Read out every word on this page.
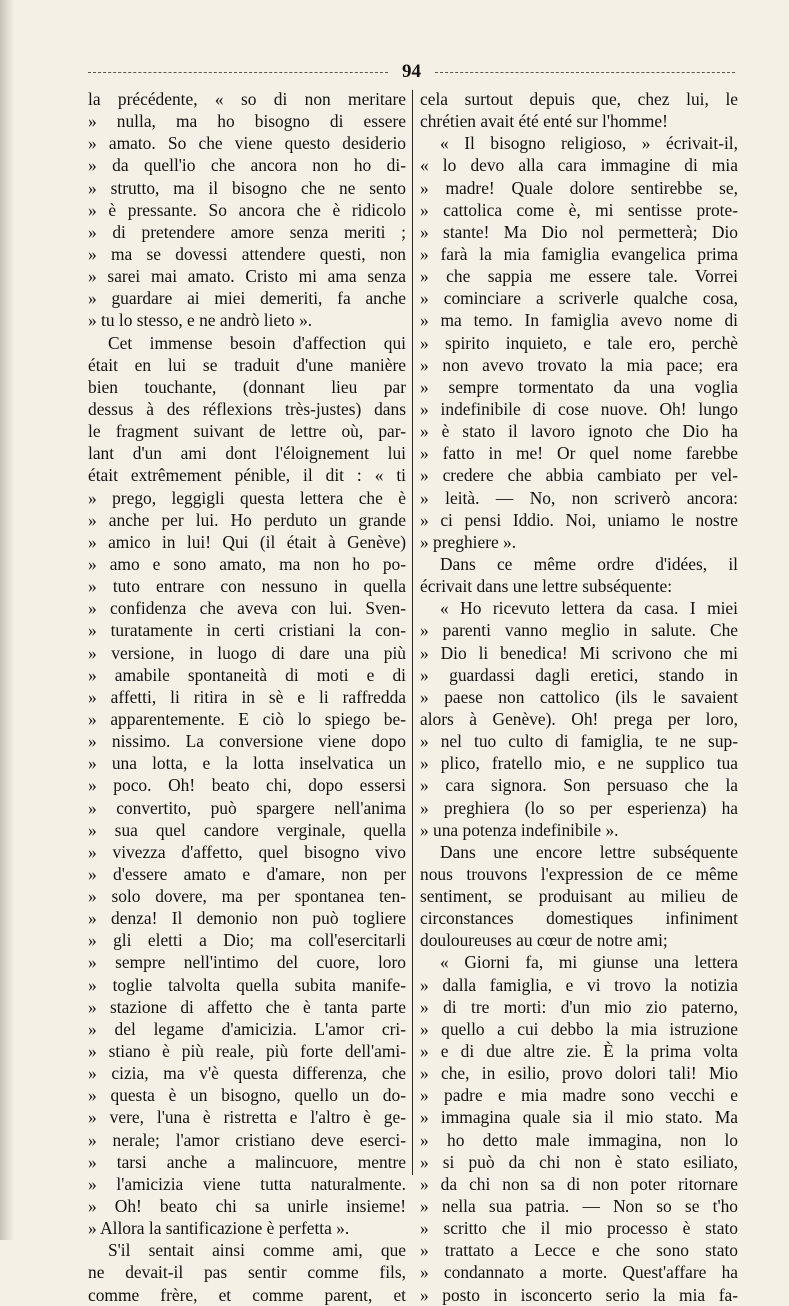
94
la précédente, « so di non meritare
» nulla, ma ho bisogno di essere
» amato. So che viene questo desiderio
» da quell'io che ancora non ho di-
» strutto, ma il bisogno che ne sento
» è pressante. So ancora che è ridicolo
» di pretendere amore senza meriti ;
» ma se dovessi attendere questi, non
» sarei mai amato. Cristo mi ama senza
» guardare ai miei demeriti, fa anche
» tu lo stesso, e ne andrò lieto ».
Cet immense besoin d'affection qui
était en lui se traduit d'une manière
bien touchante, (donnant lieu par
dessus à des réflexions très-justes) dans
le fragment suivant de lettre où, par-
lant d'un ami dont l'éloignement lui
était extrêmement pénible, il dit : « ti
» prego, leggigli questa lettera che è
» anche per lui. Ho perduto un grande
» amico in lui! Qui (il était à Genève)
» amo e sono amato, ma non ho po-
» tuto entrare con nessuno in quella
» confidenza che aveva con lui. Sven-
» turatamente in certi cristiani la con-
» versione, in luogo di dare una più
» amabile spontaneità di moti e di
» affetti, li ritira in sè e li raffredda
» apparentemente. E ciò lo spiego be-
» nissimo. La conversione viene dopo
» una lotta, e la lotta inselvatica un
» poco. Oh! beato chi, dopo essersi
» convertito, può spargere nell'anima
» sua quel candore verginale, quella
» vivezza d'affetto, quel bisogno vivo
» d'essere amato e d'amare, non per
» solo dovere, ma per spontanea ten-
» denza! Il demonio non può togliere
» gli eletti a Dio; ma coll'esercitarli
» sempre nell'intimo del cuore, loro
» toglie talvolta quella subita manife-
» stazione di affetto che è tanta parte
» del legame d'amicizia. L'amor cri-
» stiano è più reale, più forte dell'ami-
» cizia, ma v'è questa differenza, che
» questa è un bisogno, quello un do-
» vere, l'una è ristretta e l'altro è ge-
» nerale; l'amor cristiano deve eserci-
» tarsi anche a malincuore, mentre
» l'amicizia viene tutta naturalmente.
» Oh! beato chi sa unirle insieme!
» Allora la santificazione è perfetta ».
S'il sentait ainsi comme ami, que
ne devait-il pas sentir comme fils,
comme frère, et comme parent, et
cela surtout depuis que, chez lui, le
chrétien avait été enté sur l'homme!
« Il bisogno religioso, » écrivait-il,
« lo devo alla cara immagine di mia
» madre! Quale dolore sentirebbe se,
» cattolica come è, mi sentisse prote-
» stante! Ma Dio nol permetterà; Dio
» farà la mia famiglia evangelica prima
» che sappia me essere tale. Vorrei
» cominciare a scriverle qualche cosa,
» ma temo. In famiglia avevo nome di
» spirito inquieto, e tale ero, perchè
» non avevo trovato la mia pace; era
» sempre tormentato da una voglia
» indefinibile di cose nuove. Oh! lungo
» è stato il lavoro ignoto che Dio ha
» fatto in me! Or quel nome farebbe
» credere che abbia cambiato per vel-
» leità. — No, non scriverò ancora:
» ci pensi Iddio. Noi, uniamo le nostre
» preghiere ».
Dans ce même ordre d'idées, il
écrivait dans une lettre subséquente:
« Ho ricevuto lettera da casa. I miei
» parenti vanno meglio in salute. Che
» Dio li benedica! Mi scrivono che mi
» guardassi dagli eretici, stando in
» paese non cattolico (ils le savaient
alors à Genève). Oh! prega per loro,
» nel tuo culto di famiglia, te ne sup-
» plico, fratello mio, e ne supplico tua
» cara signora. Son persuaso che la
» preghiera (lo so per esperienza) ha
» una potenza indefinibile ».
Dans une encore lettre subséquente
nous trouvons l'expression de ce même
sentiment, se produisant au milieu de
circonstances domestiques infiniment
douloureuses au cœur de notre ami;
« Giorni fa, mi giunse una lettera
» dalla famiglia, e vi trovo la notizia
» di tre morti: d'un mio zio paterno,
» quello a cui debbo la mia istruzione
» e di due altre zie. È la prima volta
» che, in esilio, provo dolori tali! Mio
» padre e mia madre sono vecchi e
» immagina quale sia il mio stato. Ma
» ho detto male immagina, non lo
» si può da chi non è stato esiliato,
» da chi non sa di non poter ritornare
» nella sua patria. — Non so se t'ho
» scritto che il mio processo è stato
» trattato a Lecce e che sono stato
» condannato a morte. Quest'affare ha
» posto in isconcerto serio la mia fa-
